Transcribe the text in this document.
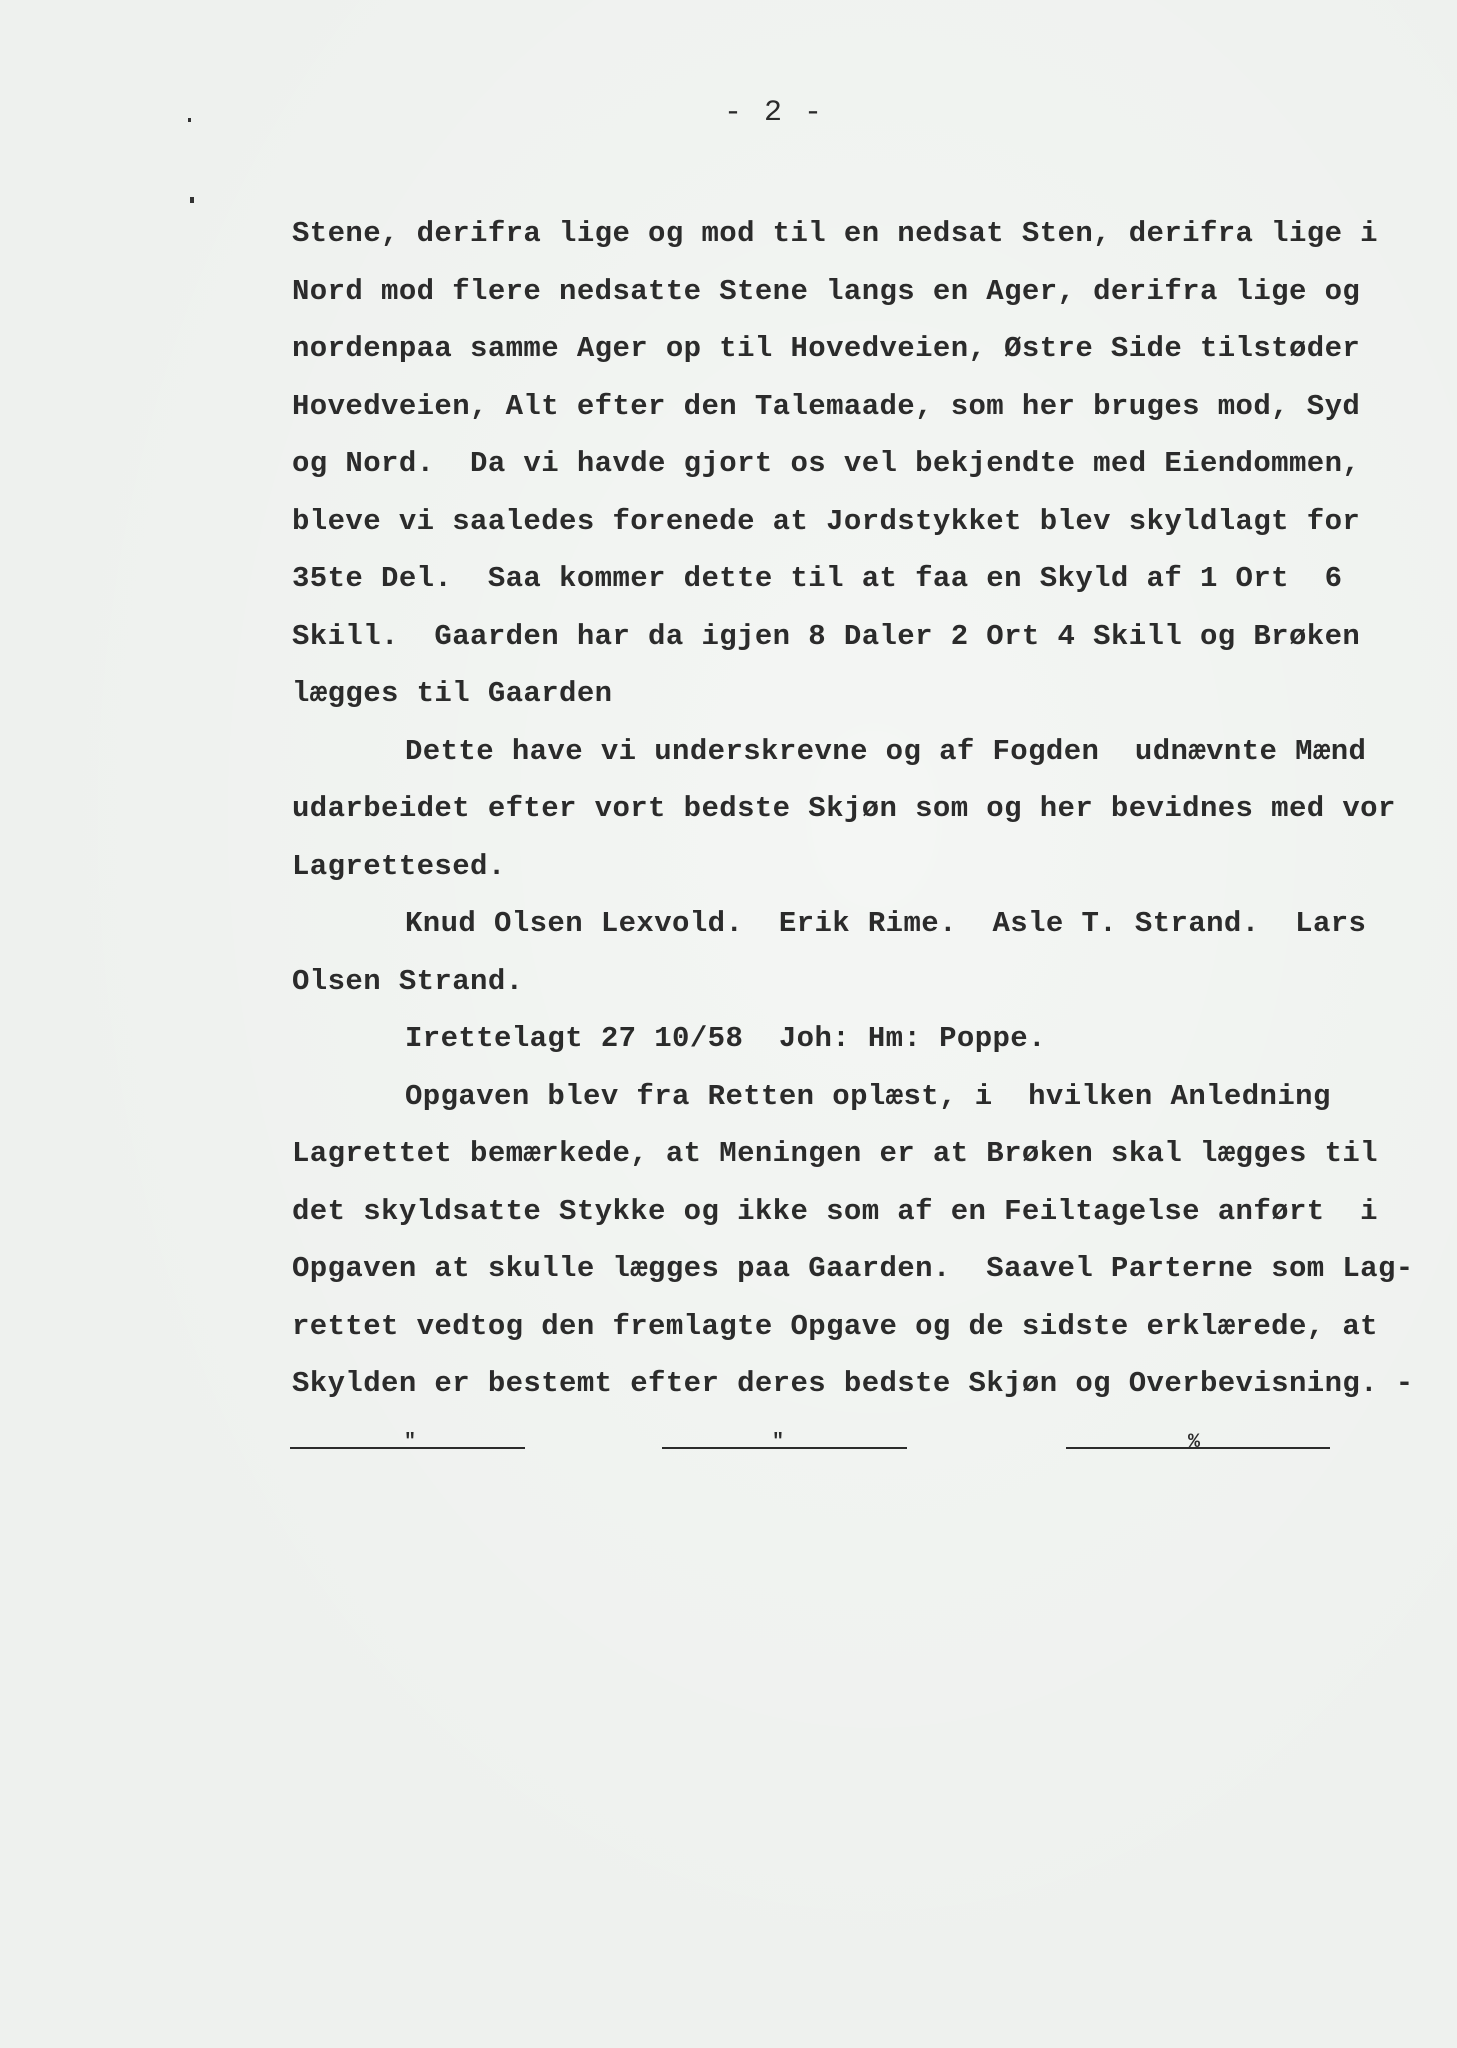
- 2 -
Stene, derifra lige og mod til en nedsat Sten, derifra lige i
Nord mod flere nedsatte Stene langs en Ager, derifra lige og
nordenpaa samme Ager op til Hovedveien, Østre Side tilstøder
Hovedveien, Alt efter den Talemaade, som her bruges mod, Syd
og Nord.  Da vi havde gjort os vel bekjendte med Eiendommen,
bleve vi saaledes forenede at Jordstykket blev skyldlagt for
35te Del.  Saa kommer dette til at faa en Skyld af 1 Ort  6
Skill.  Gaarden har da igjen 8 Daler 2 Ort 4 Skill og Brøken
lægges til Gaarden
Dette have vi underskrevne og af Fogden  udnævnte Mænd
udarbeidet efter vort bedste Skjøn som og her bevidnes med vor
Lagrettesed.
Knud Olsen Lexvold.  Erik Rime.  Asle T. Strand.  Lars
Olsen Strand.
Irettelagt 27 10/58  Joh: Hm: Poppe.
Opgaven blev fra Retten oplæst, i  hvilken Anledning
Lagrettet bemærkede, at Meningen er at Brøken skal lægges til
det skyldsatte Stykke og ikke som af en Feiltagelse anført  i
Opgaven at skulle lægges paa Gaarden.  Saavel Parterne som Lag-
rettet vedtog den fremlagte Opgave og de sidste erklærede, at
Skylden er bestemt efter deres bedste Skjøn og Overbevisning. -
"	"	%
